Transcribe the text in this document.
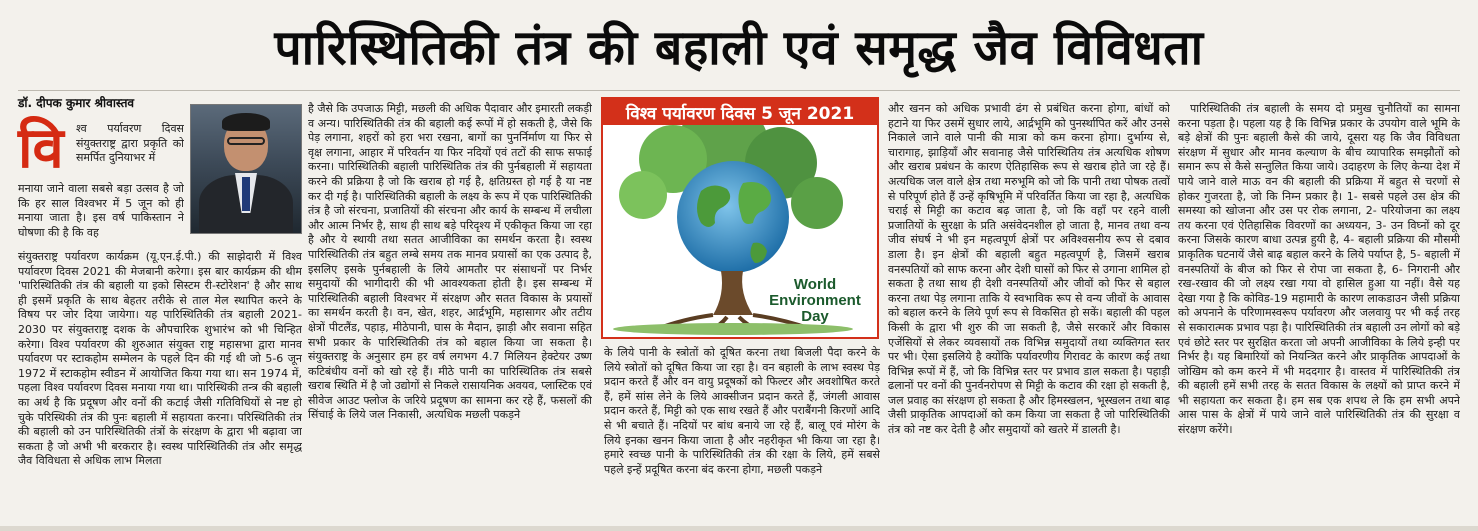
पारिस्थितिकी तंत्र की बहाली एवं समृद्ध जैव विविधता
डॉ. दीपक कुमार श्रीवास्तव
वि	श्व पर्यावरण दिवस संयुक्तराष्ट्र द्वारा प्रकृति को समर्पित दुनियाभर में

मनाया जाने वाला सबसे बड़ा उत्सव है जो कि हर साल विश्वभर में 5 जून को ही मनाया जाता है। इस वर्ष पाकिस्तान ने घोषणा की है कि वह

संयुक्तराष्ट्र पर्यावरण कार्यक्रम (यू.एन.ई.पी.) की साझेदारी में विश्व पर्यावरण दिवस 2021 की मेजबानी करेगा। इस बार कार्यक्रम की थीम 'पारिस्थितिकी तंत्र की बहाली या इको सिस्टम री-स्टोरेशन' है और साथ ही इसमें प्रकृति के साथ बेहतर तरीके से ताल मेल स्थापित करने के विषय पर जोर दिया जायेगा। यह पारिस्थितिकी तंत्र बहाली 2021-2030 पर संयुक्तराष्ट्र दशक के औपचारिक शुभारंभ को भी चिन्हित करेगा। विश्व पर्यावरण की शुरुआत संयुक्त राष्ट्र महासभा द्वारा मानव पर्यावरण पर स्टाकहोम सम्मेलन के पहले दिन की गई थी जो 5-6 जून 1972 में स्टाकहोम स्वीडन में आयोजित किया गया था। सन 1974 में, पहला विश्व पर्यावरण दिवस मनाया गया था। पारिस्थिकी तन्त्र की बहाली का अर्थ है कि प्रदूषण और वनों की कटाई जैसी गतिविधियों से नष्ट हो चुके परिस्थिकी तंत्र की पुनः बहाली में सहायता करना। परिस्थितिकी तंत्र की बहाली को उन पारिस्थितिकी तंत्रों के संरक्षण के द्वारा भी बढ़ावा जा सकता है जो अभी भी बरकरार है। स्वस्थ पारिस्थितिकी तंत्र और समृद्ध जैव विविधता से अधिक लाभ मिलता

है जैसे कि उपजाऊ मिट्टी, मछली की अधिक पैदावार और इमारती लकड़ी व अन्य। पारिस्थितिकी तंत्र की बहाली कई रूपों में हो सकती है, जैसे कि पेड़ लगाना, शहरों को हरा भरा रखना, बागों का पुनर्निर्माण या फिर से वृक्ष लगाना, आहार में परिवर्तन या फिर नदियों एवं तटों की साफ सफाई करना। पारिस्थितिकी बहाली पारिस्थितिक तंत्र की पुर्नबहाली में सहायता करने की प्रक्रिया है जो कि खराब हो गई है, क्षतिग्रस्त हो गई है या नष्ट कर दी गई है। पारिस्थितिकी बहाली के लक्ष्य के रूप में एक पारिस्थितिकी तंत्र है जो संरचना, प्रजातियों की संरचना और कार्य के सम्बन्ध में लचीला और आत्म निर्भर है, साथ ही साथ बड़े परिदृश्य में एकीकृत किया जा रहा है और ये स्थायी तथा सतत आजीविका का समर्थन करता है। स्वस्थ पारिस्थितिकी तंत्र बहुत लम्बे समय तक मानव प्रयासों का एक उत्पाद है, इसलिए इसके पुर्नबहाली के लिये आमतौर पर संसाधनों पर निर्भर समुदायों की भागीदारी की भी आवश्यकता होती है। इस सम्बन्ध में पारिस्थितिकी बहाली विश्वभर में संरक्षण और सतत विकास के प्रयासों का समर्थन करती है। वन, खेत, शहर, आर्द्रभूमि, महासागर और तटीय क्षेत्रों पीटलैंड, पहाड़, मीठेपानी, घास के मैदान, झाड़ी और सवाना सहित सभी प्रकार के पारिस्थितिकी तंत्र को बहाल किया जा सकता है। संयुक्तराष्ट्र के अनुसार हम हर वर्ष लगभग 4.7 मिलियन हेक्टेयर उष्ण कटिबंधीय वनों को खो रहे हैं। मीठे पानी का पारिस्थितिक तंत्र सबसे खराब स्थिति में है जो उद्योगों से निकले रासायनिक अवयव, प्लास्टिक एवं सीवेज आउट फ्लोज के जरिये प्रदूषण का सामना कर रहे हैं, फसलों की सिंचाई के लिये जल निकासी, अत्यधिक मछली पकड़ने

विश्व पर्यावरण दिवस 5 जून 2021
World
Environment
Day

के लिये पानी के स्त्रोतों को दूषित करना तथा बिजली पैदा करने के लिये स्त्रोतों को दूषित किया जा रहा है। वन बहाली के लाभ स्वस्थ पेड़ प्रदान करते हैं और वन वायु प्रदूषकों को फिल्टर और अवशोषित करते हैं, हमें सांस लेने के लिये आक्सीजन प्रदान करते हैं, जंगली आवास प्रदान करते हैं, मिट्टी को एक साथ रखते हैं और पराबैंगनी किरणों आदि से भी बचाते हैं। नदियों पर बांध बनाये जा रहे हैं, बालू एवं मोरंग के लिये इनका खनन किया जाता है और नहरीकृत भी किया जा रहा है। हमारे स्वच्छ पानी के पारिस्थितिकी तंत्र की रक्षा के लिये, हमें सबसे पहले इन्हें प्रदूषित करना बंद करना होगा, मछली पकड़ने

और खनन को अधिक प्रभावी ढंग से प्रबंधित करना होगा, बांधों को हटाने या फिर उसमें सुधार लाये, आर्द्रभूमि को पुनर्स्थापित करें और उनसे निकाले जाने वाले पानी की मात्रा को कम करना होगा। दुर्भाग्य से, चारागाह, झाड़ियाँ और सवानाह जैसे पारिस्थितिय तंत्र अत्यधिक शोषण और खराब प्रबंधन के कारण ऐतिहासिक रूप से खराब होते जा रहे हैं। अत्यधिक जल वाले क्षेत्र तथा मरुभूमि को जो कि पानी तथा पोषक तत्वों से परिपूर्ण होते हैं उन्हें कृषिभूमि में परिवर्तित किया जा रहा है, अत्यधिक चराई से मिट्टी का कटाव बढ़ जाता है, जो कि वहाँ पर रहने वाली प्रजातियों के सुरक्षा के प्रति असंवेदनशील हो जाता है, मानव तथा वन्य जीव संघर्ष ने भी इन महत्वपूर्ण क्षेत्रों पर अविश्वसनीय रूप से दबाव डाला है। इन क्षेत्रों की बहाली बहुत महत्वपूर्ण है, जिसमें खराब वनस्पतियों को साफ करना और देशी घासों को फिर से उगाना शामिल हो सकता है तथा साथ ही देशी वनस्पतियों और जीवों को फिर से बहाल करना तथा पेड़ लगाना ताकि ये स्वभाविक रूप से वन्य जीवों के आवास को बहाल करने के लिये पूर्ण रूप से विकसित हो सकें। बहाली की पहल किसी के द्वारा भी शुरु की जा सकती है, जैसे सरकारें और विकास एजेंसियों से लेकर व्यवसायों तक विभिन्न समुदायों तथा व्यक्तिगत स्तर पर भी। ऐसा इसलिये है क्योंकि पर्यावरणीय गिरावट के कारण कई तथा विभिन्न रूपों में हैं, जो कि विभिन्न स्तर पर प्रभाव डाल सकता है। पहाड़ी ढलानों पर वनों की पुनर्वनरोपण से मिट्टी के कटाव की रक्षा हो सकती है, जल प्रवाह का संरक्षण हो सकता है और हिमस्खलन, भूस्खलन तथा बाढ़ जैसी प्राकृतिक आपदाओं को कम किया जा सकता है जो पारिस्थितिकी तंत्र को नष्ट कर देती है और समुदायों को खतरे में डालती है।

पारिस्थितिकी तंत्र बहाली के समय दो प्रमुख चुनौतियों का सामना करना पड़ता है। पहला यह है कि विभिन्न प्रकार के उपयोग वाले भूमि के बड़े क्षेत्रों की पुनः बहाली कैसे की जाये, दूसरा यह कि जैव विविधता संरक्षण में सुधार और मानव कल्याण के बीच व्यापारिक समझौतों को समान रूप से कैसे सन्तुलित किया जाये। उदाहरण के लिए केन्या देश में पाये जाने वाले माऊ वन की बहाली की प्रक्रिया में बहुत से चरणों से होकर गुजरता है, जो कि निम्न प्रकार है। 1- सबसे पहले उस क्षेत्र की समस्या को खोजना और उस पर रोक लगाना, 2- परियोजना का लक्ष्य तय करना एवं ऐतिहासिक विवरणों का अध्ययन, 3- उन विघ्नों को दूर करना जिसके कारण बाधा उत्पन्न हुयी है, 4- बहाली प्रक्रिया की मौसमी प्राकृतिक घटनायें जैसे बाढ़ बहाल करने के लिये पर्याप्त है, 5- बहाली में वनस्पतियों के बीज को फिर से रोपा जा सकता है, 6- निगरानी और रख-रखाव की जो लक्ष्य रखा गया वो हासिल हुआ या नहीं। वैसे यह देखा गया है कि कोविड-19 महामारी के कारण लाकडाउन जैसी प्रक्रिया को अपनाने के परिणामस्वरूप पर्यावरण और जलवायु पर भी कई तरह से सकारात्मक प्रभाव पड़ा है। पारिस्थितिकी तंत्र बहाली उन लोगों को बड़े एवं छोटे स्तर पर सुरक्षित करता जो अपनी आजीविका के लिये इन्ही पर निर्भर है। यह बिमारियों को नियन्त्रित करने और प्राकृतिक आपदाओं के जोखिम को कम करने में भी मददगार है। वास्तव में पारिस्थितिकी तंत्र की बहाली हमें सभी तरह के सतत विकास के लक्ष्यों को प्राप्त करने में भी सहायता कर सकता है। हम सब एक शपथ ले कि हम सभी अपने आस पास के क्षेत्रों में पाये जाने वाले पारिस्थितिकी तंत्र की सुरक्षा व संरक्षण करेंगे।
